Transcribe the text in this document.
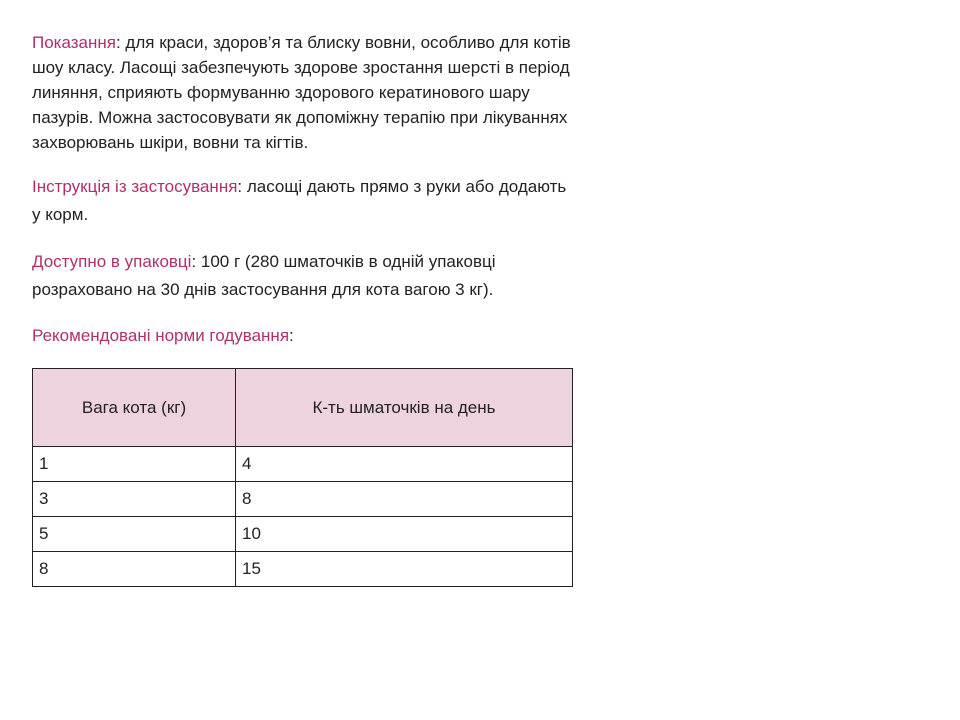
Показання: для краси, здоров’я та блиску вовни, особливо для котів шоу класу. Ласощі забезпечують здорове зростання шерсті в період линяння, сприяють формуванню здорового кератинового шару пазурів. Можна застосовувати як допоміжну терапію при лікуваннях захворювань шкіри, вовни та кігтів.

Інструкція із застосування: ласощі дають прямо з руки або додають у корм.

Доступно в упаковці: 100 г (280 шматочків в одній упаковці розраховано на 30 днів застосування для кота вагою 3 кг).

Рекомендовані норми годування:

Вага кота (кг)	К-ть шматочків на день
1	4
3	8
5	10
8	15
